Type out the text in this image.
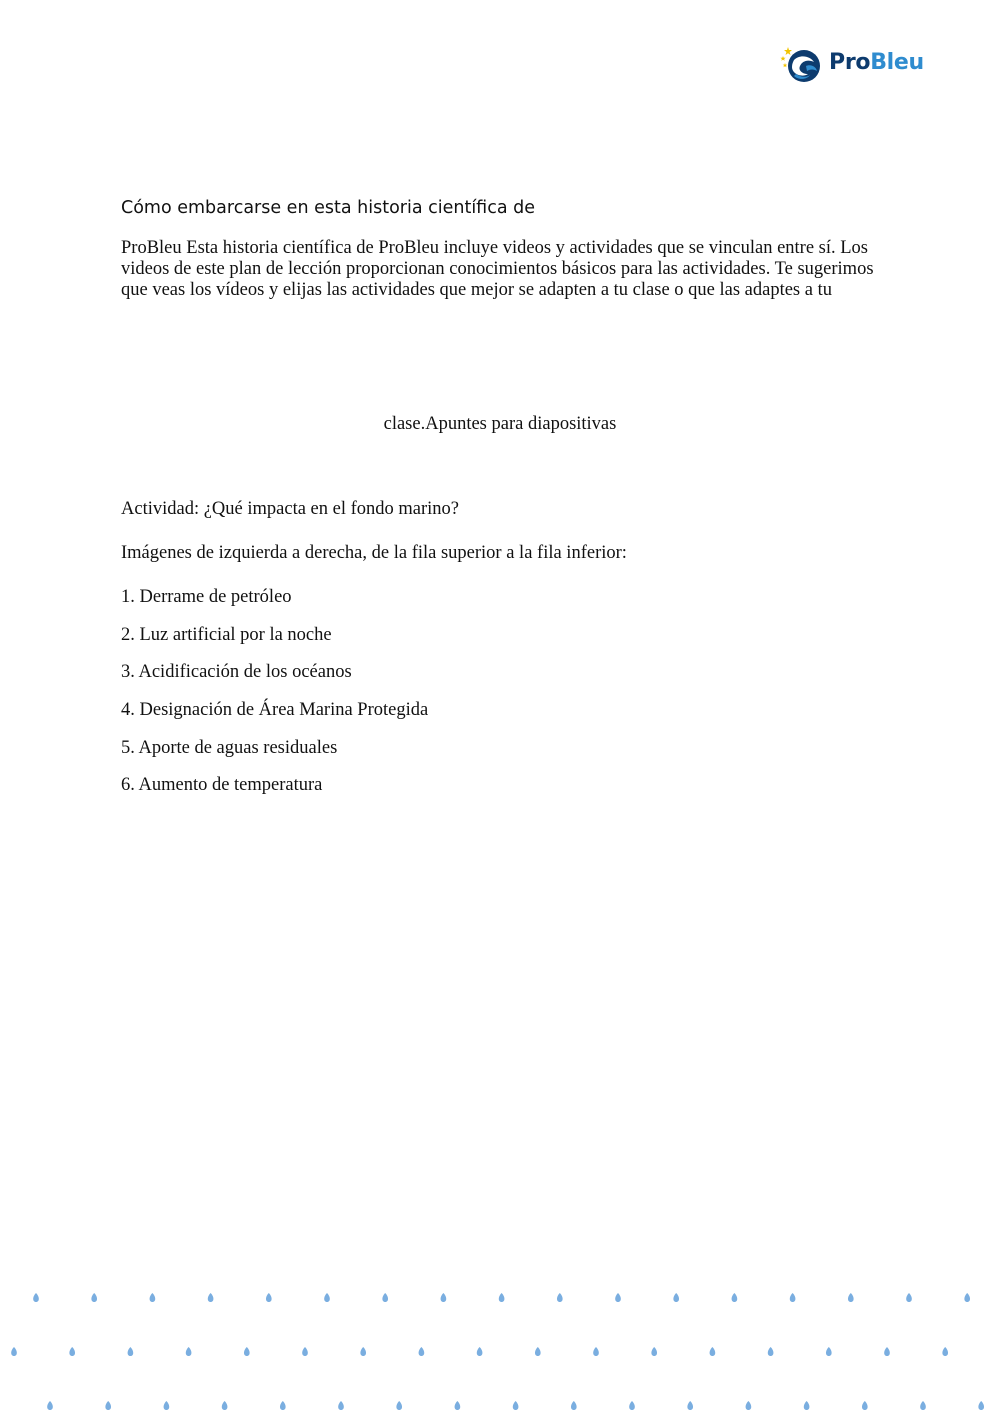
ProBleu
Cómo embarcarse en esta historia científica de

ProBleu Esta historia científica de ProBleu incluye videos y actividades que se vinculan entre sí. Los videos de este plan de lección proporcionan conocimientos básicos para las actividades. Te sugerimos que veas los vídeos y elijas las actividades que mejor se adapten a tu clase o que las adaptes a tu

clase.Apuntes para diapositivas
Actividad: ¿Qué impacta en el fondo marino?
Imágenes de izquierda a derecha, de la fila superior a la fila inferior:
1. Derrame de petróleo
2. Luz artificial por la noche
3. Acidificación de los océanos
4. Designación de Área Marina Protegida
5. Aporte de aguas residuales
6. Aumento de temperatura
